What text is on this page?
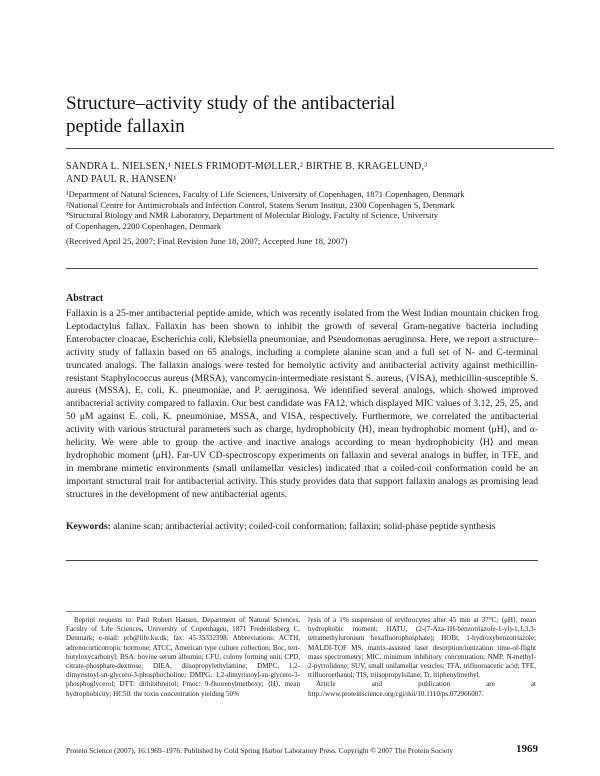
Structure–activity study of the antibacterial
peptide fallaxin
SANDRA L. NIELSEN,¹ NIELS FRIMODT-MØLLER,² BIRTHE B. KRAGELUND,³
AND PAUL R. HANSEN¹
¹Department of Natural Sciences, Faculty of Life Sciences, University of Copenhagen, 1871 Copenhagen, Denmark
²National Centre for Antimicrobials and Infection Control, Statens Serum Institut, 2300 Copenhagen S, Denmark
³Structural Biology and NMR Laboratory, Department of Molecular Biology, Faculty of Science, University
of Copenhagen, 2200 Copenhagen, Denmark
(Received April 25, 2007; Final Revision June 18, 2007; Accepted June 18, 2007)
Abstract
Fallaxin is a 25-mer antibacterial peptide amide, which was recently isolated from the West Indian mountain chicken frog Leptodactylus fallax. Fallaxin has been shown to inhibit the growth of several Gram-negative bacteria including Enterobacter cloacae, Escherichia coli, Klebsiella pneumoniae, and Pseudomonas aeruginosa. Here, we report a structure–activity study of fallaxin based on 65 analogs, including a complete alanine scan and a full set of N- and C-terminal truncated analogs. The fallaxin analogs were tested for hemolytic activity and antibacterial activity against methicillin-resistant Staphylococcus aureus (MRSA), vancomycin-intermediate resistant S. aureus, (VISA), methicillin-susceptible S. aureus (MSSA), E. coli, K. pneumoniae, and P. aeruginosa. We identified several analogs, which showed improved antibacterial activity compared to fallaxin. Our best candidate was FA12, which displayed MIC values of 3.12, 25, 25, and 50 μM against E. coli, K. pneumoniae, MSSA, and VISA, respectively. Furthermore, we correlated the antibacterial activity with various structural parameters such as charge, hydrophobicity ⟨H⟩, mean hydrophobic moment ⟨μH⟩, and α-helicity. We were able to group the active and inactive analogs according to mean hydrophobicity ⟨H⟩ and mean hydrophobic moment ⟨μH⟩. Far-UV CD-spectroscopy experiments on fallaxin and several analogs in buffer, in TFE, and in membrane mimetic environments (small unilamellar vesicles) indicated that a coiled-coil conformation could be an important structural trait for antibacterial activity. This study provides data that support fallaxin analogs as promising lead structures in the development of new antibacterial agents.
Keywords: alanine scan; antibacterial activity; coiled-coil conformation; fallaxin; solid-phase peptide synthesis

Reprint requests to: Paul Robert Hansen, Department of Natural Sciences, Faculty of Life Sciences, University of Copenhagen, 1871 Frederiksberg C, Denmark; e-mail: prh@life.ku.dk; fax: 45-35332398. Abbreviations: ACTH, adrenocorticotropic hormone; ATCC, American type culture collection; Boc, tert-butyloxycarbonyl; BSA: bovine serum albumin; CFU, colony forming unit; CPD, citrate-phosphate-dextrose; DIEA, diisopropylethylamine; DMPC, 1,2-dimyristoyl-sn-glycero-3-phosphocholine; DMPG, 1,2-dimyristoyl-sn-glycero-3-phosphoglycerol; DTT: dithiothreitol; Fmoc: 9-fluorenylmethoxy; ⟨H⟩, mean hydrophobicity; HC50: the toxin concentration yielding 50%

lysis of a 1% suspension of erythrocytes after 45 min at 37°C; ⟨μH⟩, mean hydrophobic moment; HATU, (2-(7-Aza-1H-benzotriazole-1-yl)-1,1,3,3-tetramethyluronium hexafluorophosphate); HOBt, 1-hydroxybenzotriazole; MALDI-TOF MS, matrix-assisted laser desorption/ionization time-of-flight mass spectrometry; MIC, minimum inhibitory concentration; NMP, N-methyl-2-pyrrolidone; SUV, small unilamellar vesicles; TFA, trifluoroacetic acid; TFE, trifluoroethanol; TIS, triisopropylsilane; Tr, triphenylmethyl.

Article and publication are at http://www.proteinscience.org/cgi/doi/10.1110/ps.072966007.

Protein Science (2007), 16:1969–1976. Published by Cold Spring Harbor Laboratory Press. Copyright © 2007 The Protein Society	1969
